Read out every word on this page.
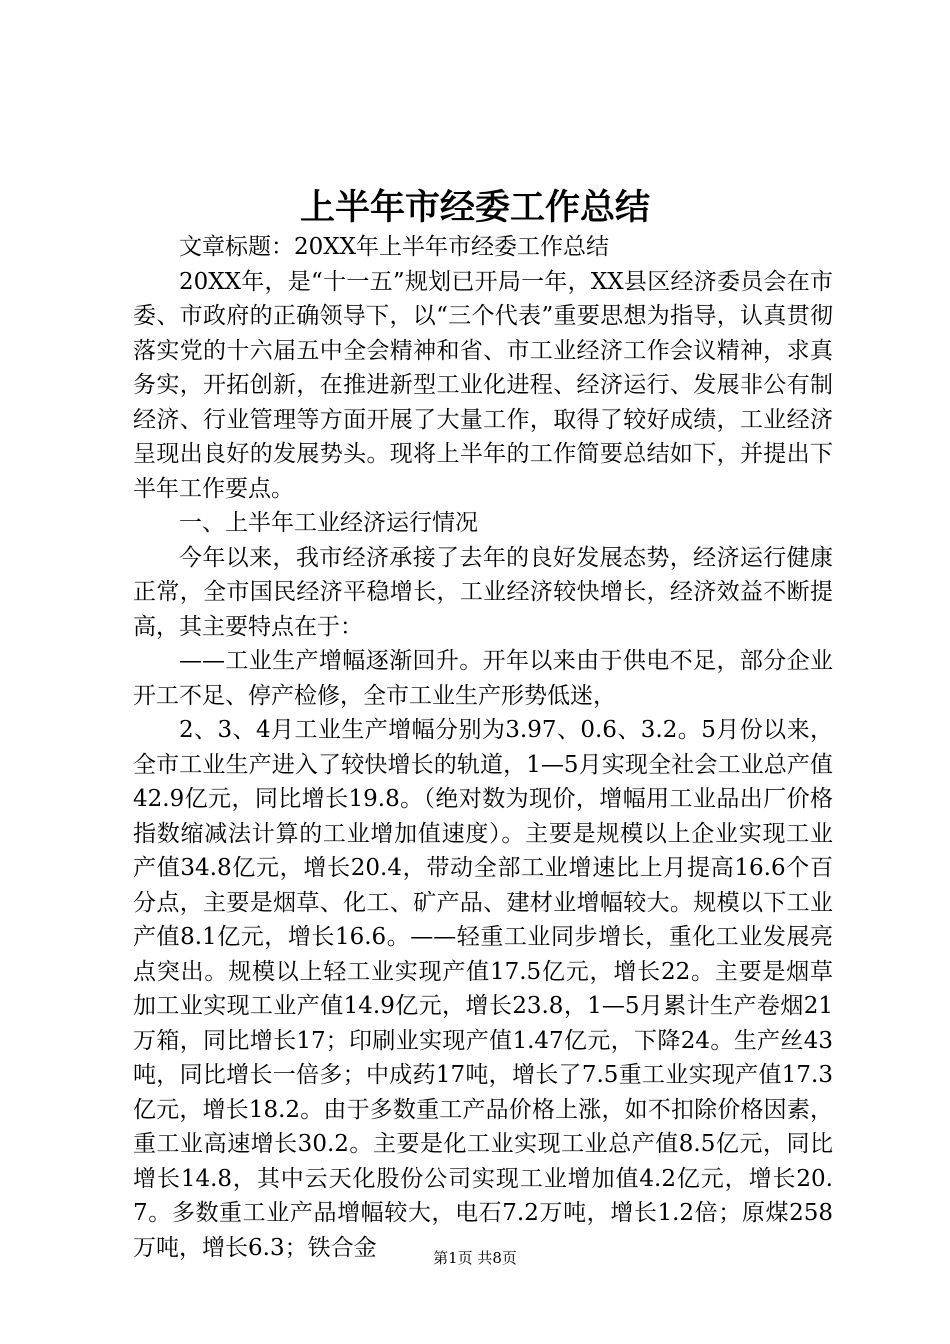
上半年市经委工作总结

文章标题：20XX年上半年市经委工作总结

20XX年，是“十一五”规划已开局一年，XX县区经济委员会在市委、市政府的正确领导下，以“三个代表”重要思想为指导，认真贯彻落实党的十六届五中全会精神和省、市工业经济工作会议精神，求真务实，开拓创新，在推进新型工业化进程、经济运行、发展非公有制经济、行业管理等方面开展了大量工作，取得了较好成绩，工业经济呈现出良好的发展势头。现将上半年的工作简要总结如下，并提出下半年工作要点。

一、上半年工业经济运行情况

今年以来，我市经济承接了去年的良好发展态势，经济运行健康正常，全市国民经济平稳增长，工业经济较快增长，经济效益不断提高，其主要特点在于：

——工业生产增幅逐渐回升。开年以来由于供电不足，部分企业开工不足、停产检修，全市工业生产形势低迷，

2、3、4月工业生产增幅分别为3.97、0.6、3.2。5月份以来，全市工业生产进入了较快增长的轨道，1—5月实现全社会工业总产值42.9亿元，同比增长19.8。（绝对数为现价，增幅用工业品出厂价格指数缩减法计算的工业增加值速度）。主要是规模以上企业实现工业产值34.8亿元，增长20.4，带动全部工业增速比上月提高16.6个百分点，主要是烟草、化工、矿产品、建材业增幅较大。规模以下工业产值8.1亿元，增长16.6。——轻重工业同步增长，重化工业发展亮点突出。规模以上轻工业实现产值17.5亿元，增长22。主要是烟草加工业实现工业产值14.9亿元，增长23.8，1—5月累计生产卷烟21万箱，同比增长17；印刷业实现产值1.47亿元，下降24。生产丝43吨，同比增长一倍多；中成药17吨，增长了7.5重工业实现产值17.3亿元，增长18.2。由于多数重工产品价格上涨，如不扣除价格因素，重工业高速增长30.2。主要是化工业实现工业总产值8.5亿元，同比增长14.8，其中云天化股份公司实现工业增加值4.2亿元，增长20.7。多数重工业产品增幅较大，电石7.2万吨，增长1.2倍；原煤258万吨，增长6.3；铁合金	第1页 共8页
